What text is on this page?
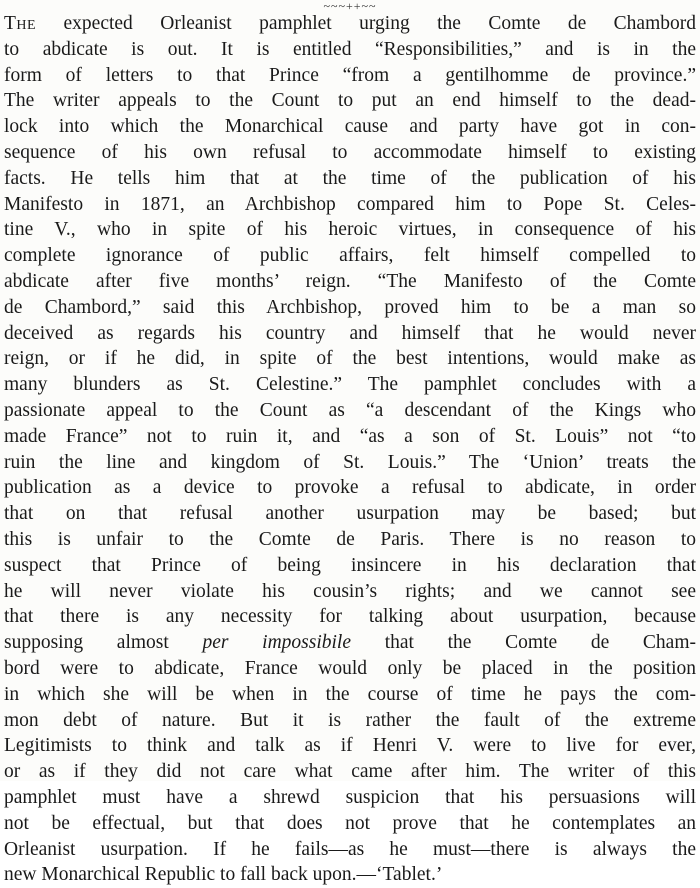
~~~++~~
The expected Orleanist pamphlet urging the Comte de Chambord
to abdicate is out. It is entitled “Responsibilities,” and is in the
form of letters to that Prince “from a gentilhomme de province.”
The writer appeals to the Count to put an end himself to the dead-
lock into which the Monarchical cause and party have got in con-
sequence of his own refusal to accommodate himself to existing
facts. He tells him that at the time of the publication of his
Manifesto in 1871, an Archbishop compared him to Pope St. Celes-
tine V., who in spite of his heroic virtues, in consequence of his
complete ignorance of public affairs, felt himself compelled to
abdicate after five months’ reign. “The Manifesto of the Comte
de Chambord,” said this Archbishop, proved him to be a man so
deceived as regards his country and himself that he would never
reign, or if he did, in spite of the best intentions, would make as
many blunders as St. Celestine.” The pamphlet concludes with a
passionate appeal to the Count as “a descendant of the Kings who
made France” not to ruin it, and “as a son of St. Louis” not “to
ruin the line and kingdom of St. Louis.” The ‘Union’ treats the
publication as a device to provoke a refusal to abdicate, in order
that on that refusal another usurpation may be based; but
this is unfair to the Comte de Paris. There is no reason to
suspect that Prince of being insincere in his declaration that
he will never violate his cousin’s rights; and we cannot see
that there is any necessity for talking about usurpation, because
supposing almost per impossibile that the Comte de Cham-
bord were to abdicate, France would only be placed in the position
in which she will be when in the course of time he pays the com-
mon debt of nature. But it is rather the fault of the extreme
Legitimists to think and talk as if Henri V. were to live for ever,
or as if they did not care what came after him. The writer of this
pamphlet must have a shrewd suspicion that his persuasions will
not be effectual, but that does not prove that he contemplates an
Orleanist usurpation. If he fails—as he must—there is always the
new Monarchical Republic to fall back upon.—‘Tablet.’
